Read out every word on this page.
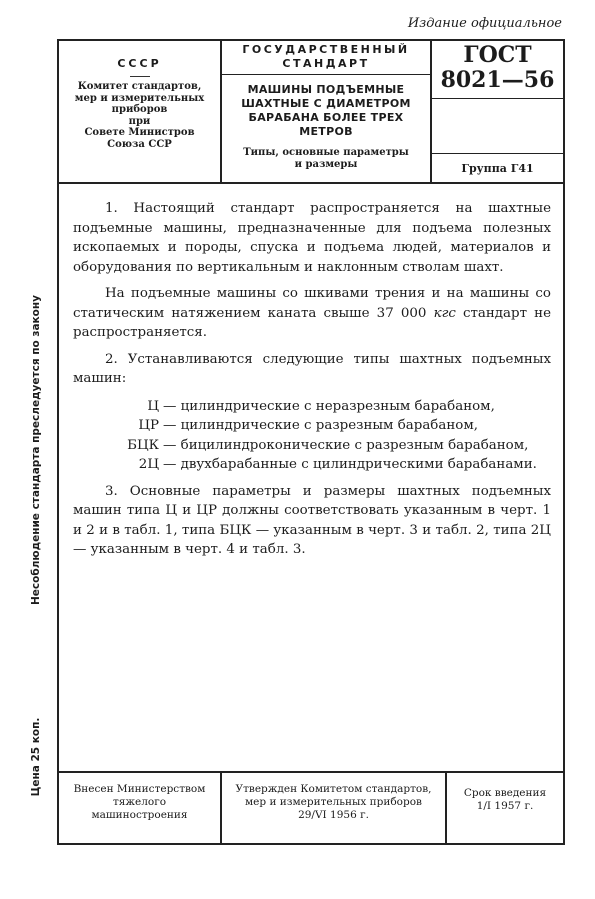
Издание официальное
Несоблюдение стандарта преследуется по закону
Цена 25 коп.
СССР
Комитет стандартов,
мер и измерительных
приборов
при
Совете Министров
Союза ССР
ГОСУДАРСТВЕННЫЙ
СТАНДАРТ
МАШИНЫ ПОДЪЕМНЫЕ
ШАХТНЫЕ С ДИАМЕТРОМ
БАРАБАНА БОЛЕЕ ТРЕХ
МЕТРОВ
Типы, основные параметры
и размеры
ГОСТ
8021—56
Группа Г41

1. Настоящий стандарт распространяется на шахтные подъемные машины, предназначенные для подъема полезных ископаемых и породы, спуска и подъема людей, материалов и оборудования по вертикальным и наклонным стволам шахт.

На подъемные машины со шкивами трения и на машины со статическим натяжением каната свыше 37 000 кгс стандарт не распространяется.

2. Устанавливаются следующие типы шахтных подъемных машин:

Ц — цилиндрические с неразрезным барабаном,
ЦР — цилиндрические с разрезным барабаном,
БЦК — бицилиндроконические с разрезным барабаном,
2Ц — двухбарабанные с цилиндрическими барабанами.

3. Основные параметры и размеры шахтных подъемных машин типа Ц и ЦР должны соответствовать указанным в черт. 1 и 2 и в табл. 1, типа БЦК — указанным в черт. 3 и табл. 2, типа 2Ц — указанным в черт. 4 и табл. 3.

Внесен Министерством
тяжелого
машиностроения
Утвержден Комитетом стандартов,
мер и измерительных приборов
29/VI 1956 г.
Срок введения
1/I 1957 г.
